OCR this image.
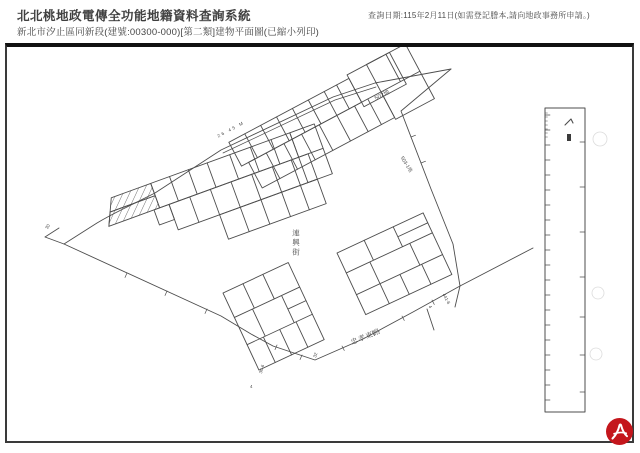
北北桃地政電傳全功能地籍資料查詢系統	查詢日期:115年2月11日(如需登記謄本,請向地政事務所申請。)
新北市汐止區同新段(建號:00300-000)[第二類]建物平面圖(已縮小列印)
502地
26 45 M
503-1地
連興街
忠孝東路
30
30-6
4
32
441-6
4
